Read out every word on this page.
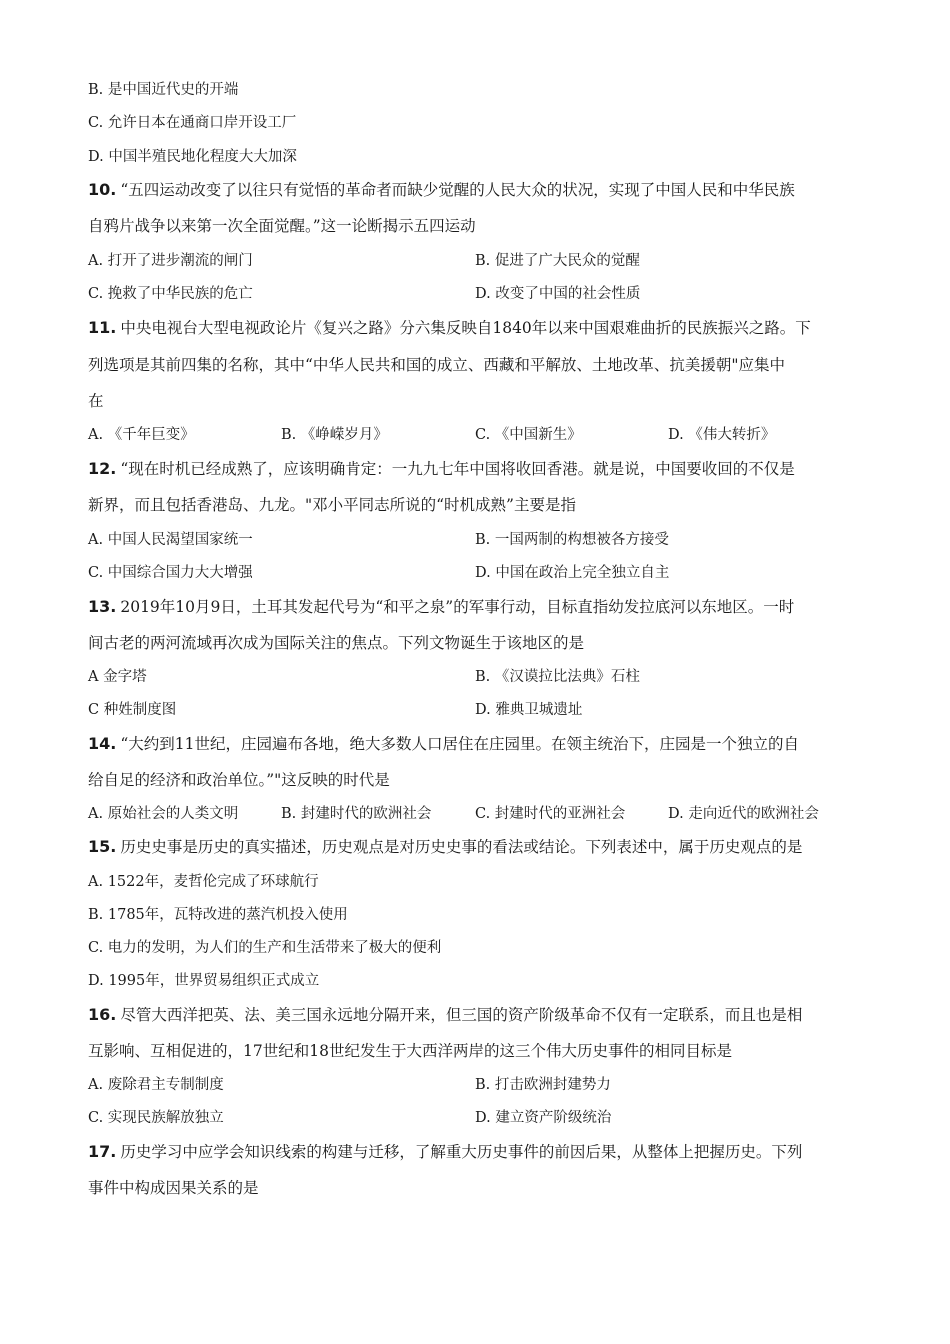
B. 是中国近代史的开端
C. 允许日本在通商口岸开设工厂
D. 中国半殖民地化程度大大加深
10. “五四运动改变了以往只有觉悟的革命者而缺少觉醒的人民大众的状况，实现了中国人民和中华民族
自鸦片战争以来第一次全面觉醒。”这一论断揭示五四运动
A. 打开了进步潮流的闸门	B. 促进了广大民众的觉醒
C. 挽救了中华民族的危亡	D. 改变了中国的社会性质
11. 中央电视台大型电视政论片《复兴之路》分六集反映自1840年以来中国艰难曲折的民族振兴之路。下
列选项是其前四集的名称，其中“中华人民共和国的成立、西藏和平解放、土地改革、抗美援朝"应集中
在
A. 《千年巨变》	B. 《峥嵘岁月》	C. 《中国新生》	D. 《伟大转折》
12. “现在时机已经成熟了，应该明确肯定：一九九七年中国将收回香港。就是说，中国要收回的不仅是
新界，而且包括香港岛、九龙。"邓小平同志所说的“时机成熟”主要是指
A. 中国人民渴望国家统一	B. 一国两制的构想被各方接受
C. 中国综合国力大大增强	D. 中国在政治上完全独立自主
13. 2019年10月9日，土耳其发起代号为“和平之泉”的军事行动，目标直指幼发拉底河以东地区。一时
间古老的两河流域再次成为国际关注的焦点。下列文物诞生于该地区的是
A 金字塔	B. 《汉谟拉比法典》石柱
C 种姓制度图	D. 雅典卫城遗址
14. “大约到11世纪，庄园遍布各地，绝大多数人口居住在庄园里。在领主统治下，庄园是一个独立的自
给自足的经济和政治单位。”"这反映的时代是
A. 原始社会的人类文明	B. 封建时代的欧洲社会	C. 封建时代的亚洲社会	D. 走向近代的欧洲社会
15. 历史史事是历史的真实描述，历史观点是对历史史事的看法或结论。下列表述中，属于历史观点的是
A. 1522年，麦哲伦完成了环球航行
B. 1785年，瓦特改进的蒸汽机投入使用
C. 电力的发明，为人们的生产和生活带来了极大的便利
D. 1995年，世界贸易组织正式成立
16. 尽管大西洋把英、法、美三国永远地分隔开来，但三国的资产阶级革命不仅有一定联系，而且也是相
互影响、互相促进的，17世纪和18世纪发生于大西洋两岸的这三个伟大历史事件的相同目标是
A. 废除君主专制制度	B. 打击欧洲封建势力
C. 实现民族解放独立	D. 建立资产阶级统治
17. 历史学习中应学会知识线索的构建与迁移，了解重大历史事件的前因后果，从整体上把握历史。下列
事件中构成因果关系的是
